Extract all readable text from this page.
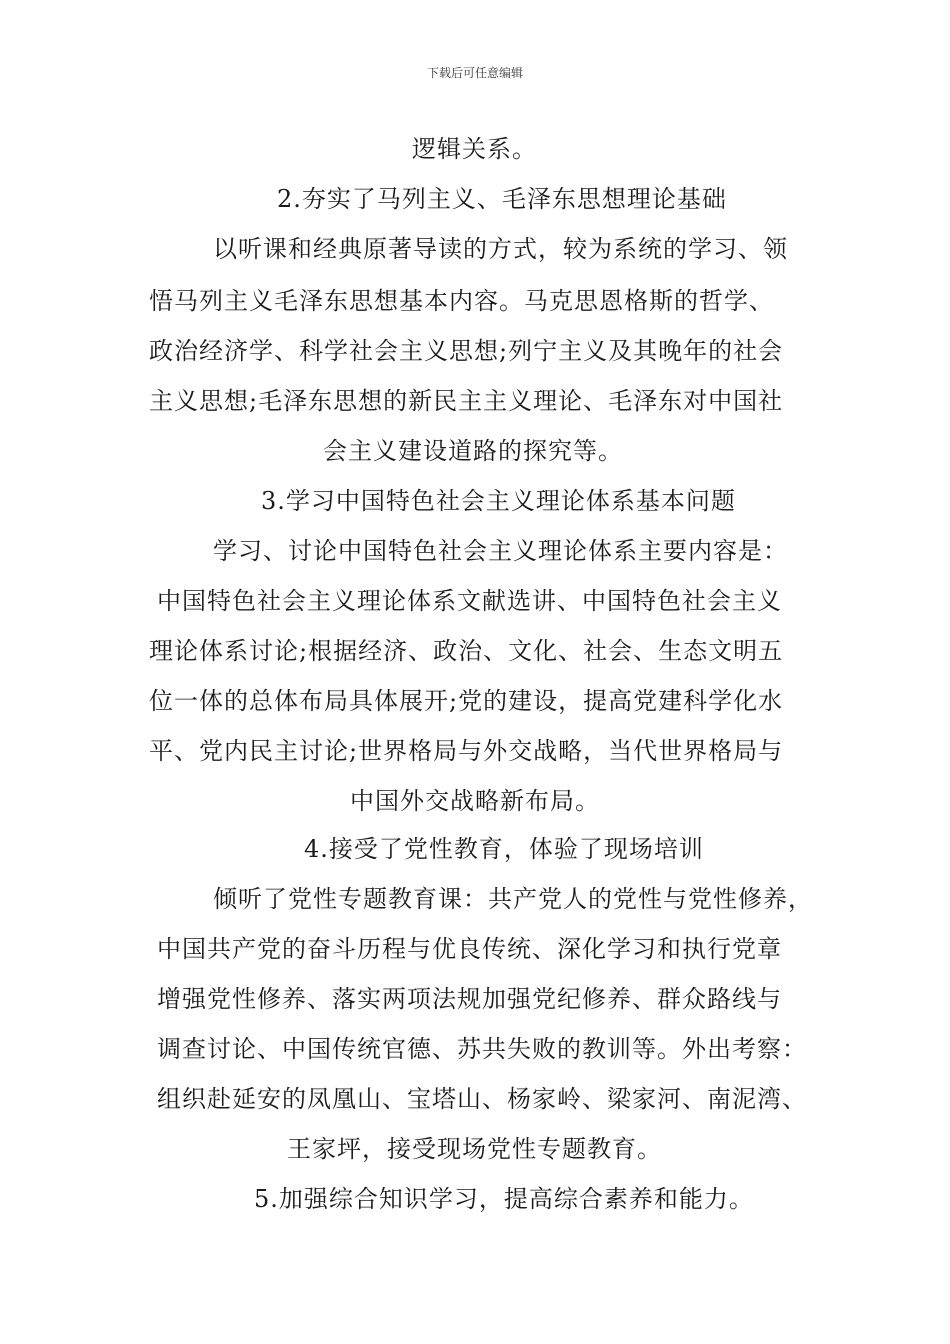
下载后可任意编辑
逻辑关系。
2.夯实了马列主义、毛泽东思想理论基础
以听课和经典原著导读的方式，较为系统的学习、领
悟马列主义毛泽东思想基本内容。马克思恩格斯的哲学、
政治经济学、科学社会主义思想;列宁主义及其晚年的社会
主义思想;毛泽东思想的新民主主义理论、毛泽东对中国社
会主义建设道路的探究等。
3.学习中国特色社会主义理论体系基本问题
学习、讨论中国特色社会主义理论体系主要内容是：
中国特色社会主义理论体系文献选讲、中国特色社会主义
理论体系讨论;根据经济、政治、文化、社会、生态文明五
位一体的总体布局具体展开;党的建设，提高党建科学化水
平、党内民主讨论;世界格局与外交战略，当代世界格局与
中国外交战略新布局。
4.接受了党性教育，体验了现场培训
倾听了党性专题教育课：共产党人的党性与党性修养，
中国共产党的奋斗历程与优良传统、深化学习和执行党章
增强党性修养、落实两项法规加强党纪修养、群众路线与
调查讨论、中国传统官德、苏共失败的教训等。外出考察：
组织赴延安的凤凰山、宝塔山、杨家岭、梁家河、南泥湾、
王家坪，接受现场党性专题教育。
5.加强综合知识学习，提高综合素养和能力。
